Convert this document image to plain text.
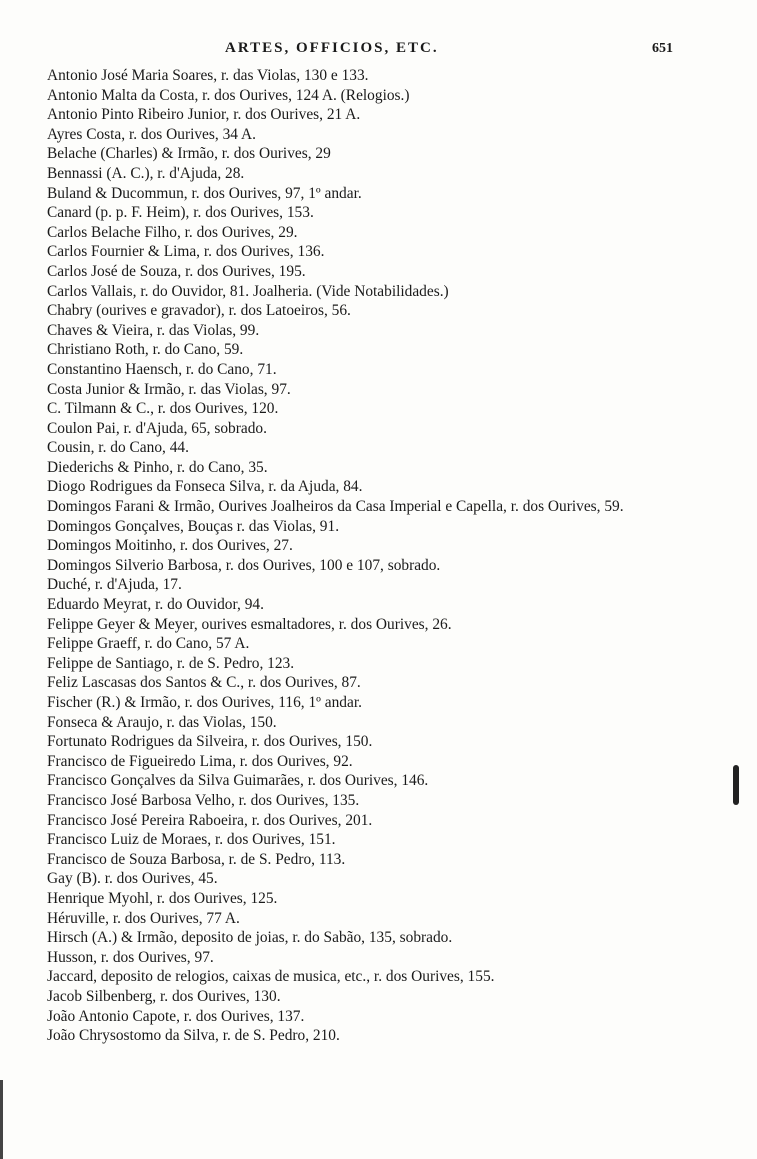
ARTES, OFFICIOS, ETC.	651
Antonio José Maria Soares, r. das Violas, 130 e 133.
Antonio Malta da Costa, r. dos Ourives, 124 A. (Relogios.)
Antonio Pinto Ribeiro Junior, r. dos Ourives, 21 A.
Ayres Costa, r. dos Ourives, 34 A.
Belache (Charles) & Irmão, r. dos Ourives, 29
Bennassi (A. C.), r. d'Ajuda, 28.
Buland & Ducommun, r. dos Ourives, 97, 1º andar.
Canard (p. p. F. Heim), r. dos Ourives, 153.
Carlos Belache Filho, r. dos Ourives, 29.
Carlos Fournier & Lima, r. dos Ourives, 136.
Carlos José de Souza, r. dos Ourives, 195.
Carlos Vallais, r. do Ouvidor, 81. Joalheria. (Vide Notabilidades.)
Chabry (ourives e gravador), r. dos Latoeiros, 56.
Chaves & Vieira, r. das Violas, 99.
Christiano Roth, r. do Cano, 59.
Constantino Haensch, r. do Cano, 71.
Costa Junior & Irmão, r. das Violas, 97.
C. Tilmann & C., r. dos Ourives, 120.
Coulon Pai, r. d'Ajuda, 65, sobrado.
Cousin, r. do Cano, 44.
Diederichs & Pinho, r. do Cano, 35.
Diogo Rodrigues da Fonseca Silva, r. da Ajuda, 84.
Domingos Farani & Irmão, Ourives Joalheiros da Casa Imperial e Capella, r. dos Ourives, 59.
Domingos Gonçalves, Bouças r. das Violas, 91.
Domingos Moitinho, r. dos Ourives, 27.
Domingos Silverio Barbosa, r. dos Ourives, 100 e 107, sobrado.
Duché, r. d'Ajuda, 17.
Eduardo Meyrat, r. do Ouvidor, 94.
Felippe Geyer & Meyer, ourives esmaltadores, r. dos Ourives, 26.
Felippe Graeff, r. do Cano, 57 A.
Felippe de Santiago, r. de S. Pedro, 123.
Feliz Lascasas dos Santos & C., r. dos Ourives, 87.
Fischer (R.) & Irmão, r. dos Ourives, 116, 1º andar.
Fonseca & Araujo, r. das Violas, 150.
Fortunato Rodrigues da Silveira, r. dos Ourives, 150.
Francisco de Figueiredo Lima, r. dos Ourives, 92.
Francisco Gonçalves da Silva Guimarães, r. dos Ourives, 146.
Francisco José Barbosa Velho, r. dos Ourives, 135.
Francisco José Pereira Raboeira, r. dos Ourives, 201.
Francisco Luiz de Moraes, r. dos Ourives, 151.
Francisco de Souza Barbosa, r. de S. Pedro, 113.
Gay (B). r. dos Ourives, 45.
Henrique Myohl, r. dos Ourives, 125.
Héruville, r. dos Ourives, 77 A.
Hirsch (A.) & Irmão, deposito de joias, r. do Sabão, 135, sobrado.
Husson, r. dos Ourives, 97.
Jaccard, deposito de relogios, caixas de musica, etc., r. dos Ourives, 155.
Jacob Silbenberg, r. dos Ourives, 130.
João Antonio Capote, r. dos Ourives, 137.
João Chrysostomo da Silva, r. de S. Pedro, 210.
